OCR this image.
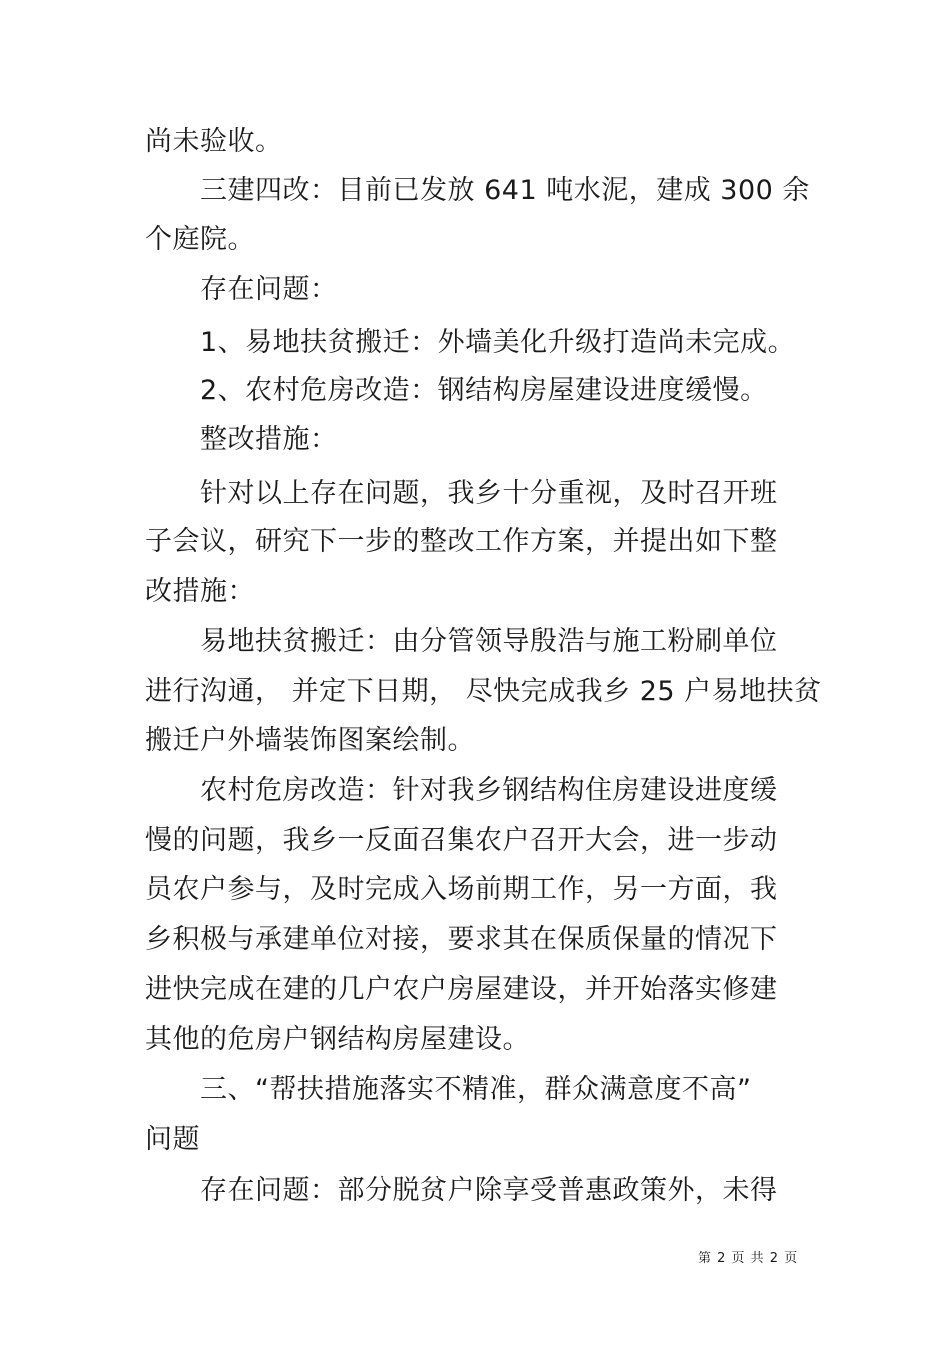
尚未验收。

三建四改：目前已发放 641 吨水泥，建成 300 余

个庭院。

存在问题：

1、易地扶贫搬迁：外墙美化升级打造尚未完成。

2、农村危房改造：钢结构房屋建设进度缓慢。

整改措施：

针对以上存在问题，我乡十分重视，及时召开班

子会议，研究下一步的整改工作方案，并提出如下整

改措施：

易地扶贫搬迁：由分管领导殷浩与施工粉刷单位

进行沟通， 并定下日期， 尽快完成我乡 25 户易地扶贫

搬迁户外墙装饰图案绘制。

农村危房改造：针对我乡钢结构住房建设进度缓

慢的问题，我乡一反面召集农户召开大会，进一步动

员农户参与，及时完成入场前期工作，另一方面，我

乡积极与承建单位对接，要求其在保质保量的情况下

进快完成在建的几户农户房屋建设，并开始落实修建

其他的危房户钢结构房屋建设。

三、“帮扶措施落实不精准，群众满意度不高”

问题

存在问题：部分脱贫户除享受普惠政策外，未得

第 2 页 共 2 页
